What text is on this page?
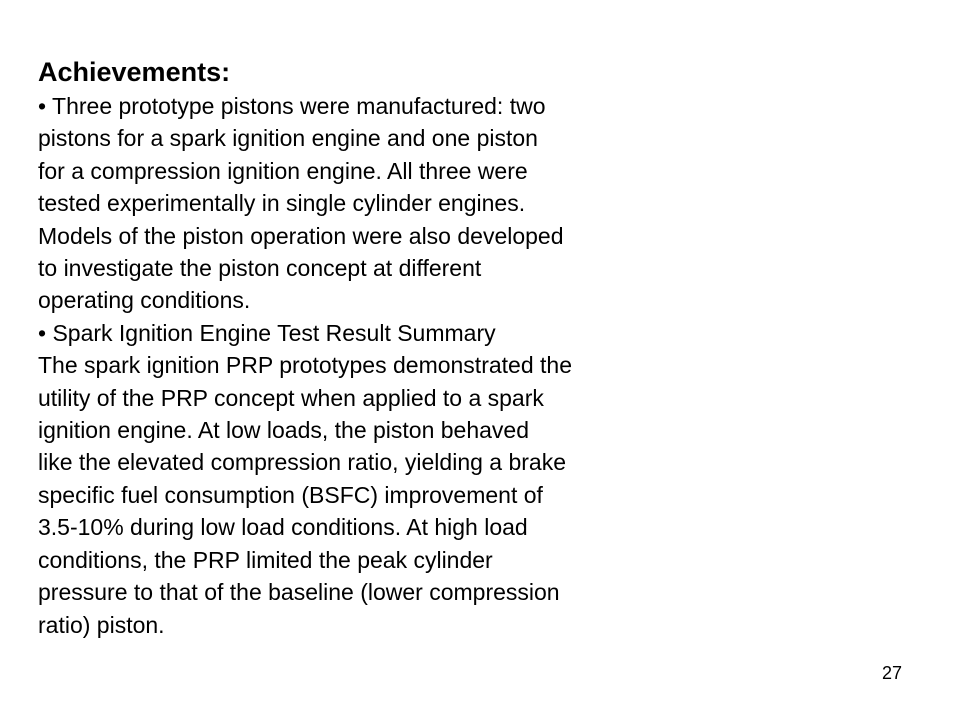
Achievements:
• Three prototype pistons were manufactured: two
pistons for a spark ignition engine and one piston
for a compression ignition engine. All three were
tested experimentally in single cylinder engines.
Models of the piston operation were also developed
to investigate the piston concept at different
operating conditions.
• Spark Ignition Engine Test Result Summary
The spark ignition PRP prototypes demonstrated the
utility of the PRP concept when applied to a spark
ignition engine. At low loads, the piston behaved
like the elevated compression ratio, yielding a brake
specific fuel consumption (BSFC) improvement of
3.5-10% during low load conditions. At high load
conditions, the PRP limited the peak cylinder
pressure to that of the baseline (lower compression
ratio) piston.
27
